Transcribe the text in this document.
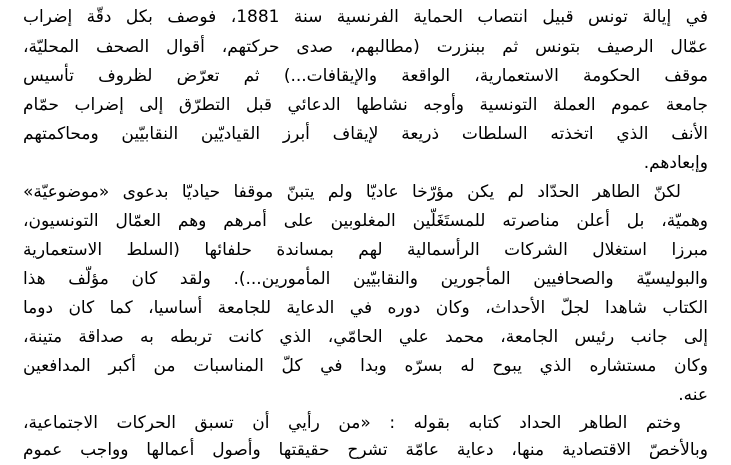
في إيالة تونس قبيل انتصاب الحماية الفرنسية سنة 1881، فوصف بكل دقّة إضراب
عمّال الرصيف بتونس ثم ببنزرت (مطالبهم، صدى حركتهم، أقوال الصحف المحليّة،
موقف الحكومة الاستعمارية، الواقعة والإيقافات...) ثم تعرّض لظروف تأسيس
جامعة عموم العملة التونسية وأوجه نشاطها الدعائي قبل التطرّق إلى إضراب حمّام
الأنف الذي اتخذته السلطات ذريعة لإيقاف أبرز القياديّين النقابيّين ومحاكمتهم
وإبعادهم.
لكنّ الطاهر الحدّاد لم يكن مؤرّخا عاديّا ولم يتبنّ موقفا حياديّا بدعوى «موضوعيّة»
وهميّة، بل أعلن مناصرته للمستَغَلّين المغلوبين على أمرهم وهم العمّال التونسيون،
مبرزا استغلال الشركات الرأسمالية لهم بمساندة حلفائها (السلط الاستعمارية
والبوليسيّة والصحافيين المأجورين والنقابيّين المأمورين...). ولقد كان مؤلّف هذا
الكتاب شاهدا لجلّ الأحداث، وكان دوره في الدعاية للجامعة أساسيا، كما كان دوما
إلى جانب رئيس الجامعة، محمد علي الحامّي، الذي كانت تربطه به صداقة متينة،
وكان مستشاره الذي يبوح له بسرّه وبدا في كلّ المناسبات من أكبر المدافعين
عنه.
وختم الطاهر الحداد كتابه بقوله : «من رأيي أن تسبق الحركات الاجتماعية،
وبالأخصّ الاقتصادية منها، دعاية عامّة تشرح حقيقتها وأصول أعمالها وواجب عموم
